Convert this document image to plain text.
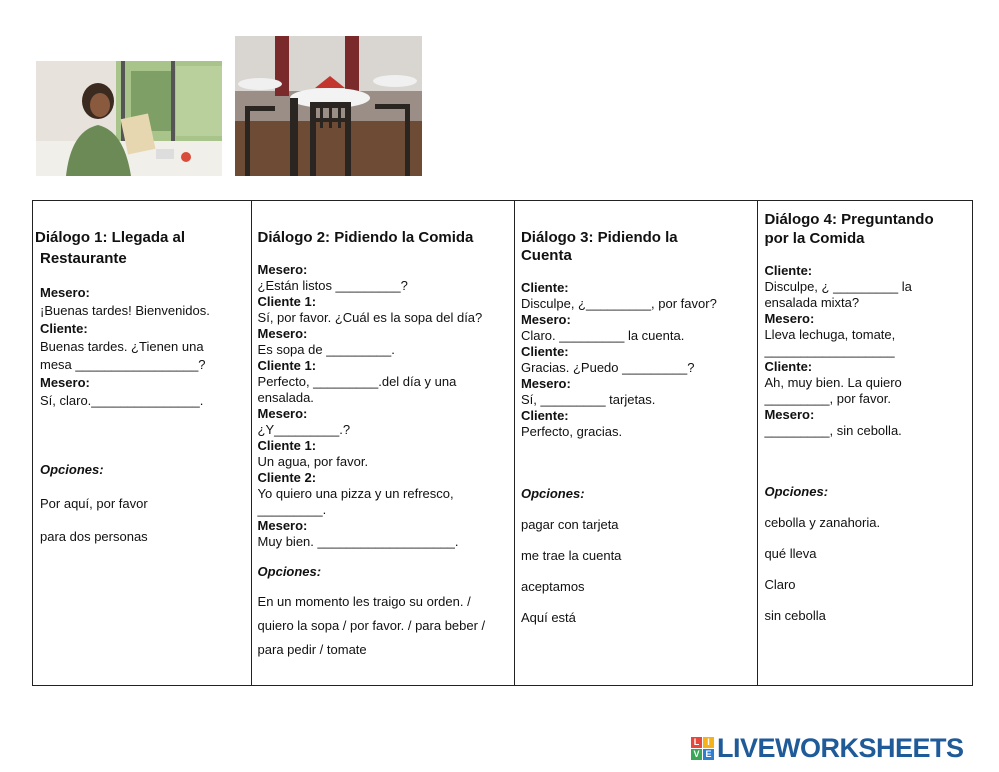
Diálogo 1: Llegada al

Restaurante

Mesero:

¡Buenas tardes! Bienvenidos.

Cliente:

Buenas tardes. ¿Tienen una

mesa _________________?

Mesero:

Sí, claro._______________.

Opciones:

Por aquí, por favor

para dos personas

Diálogo 2: Pidiendo la Comida

Mesero:

¿Están listos _________?

Cliente 1:

Sí, por favor. ¿Cuál es la sopa del día?

Mesero:

Es sopa de _________.

Cliente 1:

Perfecto, _________.del día y una

ensalada.

Mesero:

¿Y_________.?

Cliente 1:

Un agua, por favor.

Cliente 2:

Yo quiero una pizza y un refresco,

_________.

Mesero:

Muy bien. ___________________.

Opciones:

En un momento les traigo su orden. /

quiero la sopa / por favor. / para beber /

para pedir / tomate

Diálogo 3: Pidiendo la

Cuenta

Cliente:

Disculpe, ¿_________, por favor?

Mesero:

Claro. _________ la cuenta.

Cliente:

Gracias. ¿Puedo _________?

Mesero:

Sí, _________ tarjetas.

Cliente:

Perfecto, gracias.

Opciones:

pagar con tarjeta

me trae la cuenta

aceptamos

Aquí está

Diálogo 4: Preguntando

por la Comida

Cliente:

Disculpe, ¿ _________ la

ensalada mixta?

Mesero:

Lleva lechuga, tomate,

__________________

Cliente:

Ah, muy bien. La quiero

_________, por favor.

Mesero:

_________, sin cebolla.

Opciones:

cebolla y zanahoria.

qué lleva

Claro

sin cebolla

L I
V E LIVEWORKSHEETS
